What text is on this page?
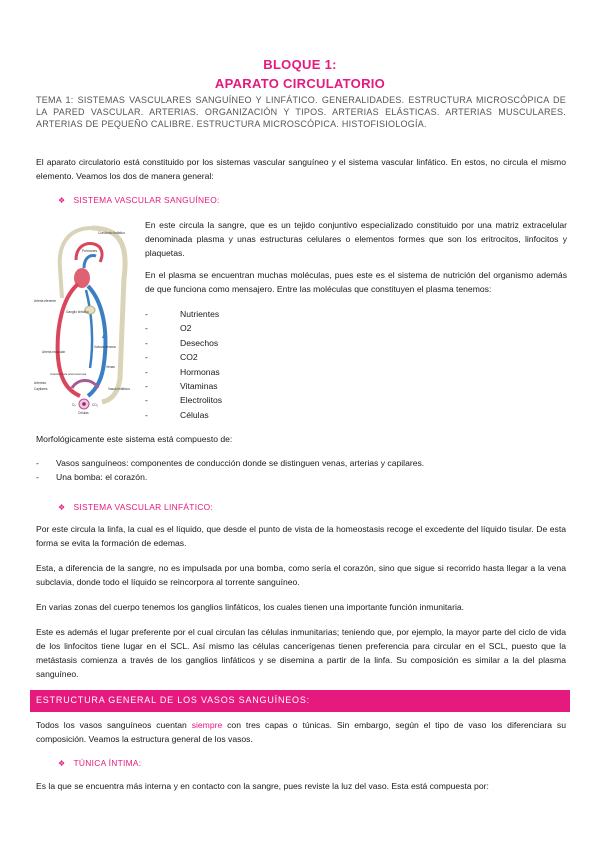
BLOQUE 1:
APARATO CIRCULATORIO
TEMA 1: SISTEMAS VASCULARES SANGUÍNEO Y LINFÁTICO. GENERALIDADES. ESTRUCTURA MICROSCÓPICA DE LA PARED VASCULAR. ARTERIAS. ORGANIZACIÓN Y TIPOS. ARTERIAS ELÁSTICAS. ARTERIAS MUSCULARES. ARTERIAS DE PEQUEÑO CALIBRE. ESTRUCTURA MICROSCÓPICA. HISTOFISIOLOGÍA.
El aparato circulatorio está constituido por los sistemas vascular sanguíneo y el sistema vascular linfático. En estos, no circula el mismo elemento. Veamos los dos de manera general:
❖ SISTEMA VASCULAR SANGUÍNEO:
Conducto linfático
Pulmones
Arteria eferente
Ganglio linfático
Arteria muscular
Válvula venosa
Anastomosis arteriovenosa
Venas
Arteriola
Capilares	Vasos linfáticos
O₂	CO₂
Células
En este circula la sangre, que es un tejido conjuntivo especializado constituido por una matriz extracelular denominada plasma y unas estructuras celulares o elementos formes que son los eritrocitos, linfocitos y plaquetas.
En el plasma se encuentran muchas moléculas, pues este es el sistema de nutrición del organismo además de que funciona como mensajero. Entre las moléculas que constituyen el plasma tenemos:
-	Nutrientes
-	O2
-	Desechos
-	CO2
-	Hormonas
-	Vitaminas
-	Electrolitos
-	Células
Morfológicamente este sistema está compuesto de:
- Vasos sanguíneos: componentes de conducción donde se distinguen venas, arterias y capilares.
- Una bomba: el corazón.
❖ SISTEMA VASCULAR LINFÁTICO:
Por este circula la linfa, la cual es el líquido, que desde el punto de vista de la homeostasis recoge el excedente del líquido tisular. De esta forma se evita la formación de edemas.
Esta, a diferencia de la sangre, no es impulsada por una bomba, como sería el corazón, sino que sigue si recorrido hasta llegar a la vena subclavia, donde todo el líquido se reincorpora al torrente sanguíneo.
En varias zonas del cuerpo tenemos los ganglios linfáticos, los cuales tienen una importante función inmunitaria.
Este es además el lugar preferente por el cual circulan las células inmunitarias; teniendo que, por ejemplo, la mayor parte del ciclo de vida de los linfocitos tiene lugar en el SCL. Así mismo las células cancerígenas tienen preferencia para circular en el SCL, puesto que la metástasis comienza a través de los ganglios linfáticos y se disemina a partir de la linfa. Su composición es similar a la del plasma sanguíneo.
ESTRUCTURA GENERAL DE LOS VASOS SANGUÍNEOS:
Todos los vasos sanguíneos cuentan siempre con tres capas o túnicas. Sin embargo, según el tipo de vaso los diferenciara su composición. Veamos la estructura general de los vasos.
❖ TÚNICA ÍNTIMA:
Es la que se encuentra más interna y en contacto con la sangre, pues reviste la luz del vaso. Esta está compuesta por:
